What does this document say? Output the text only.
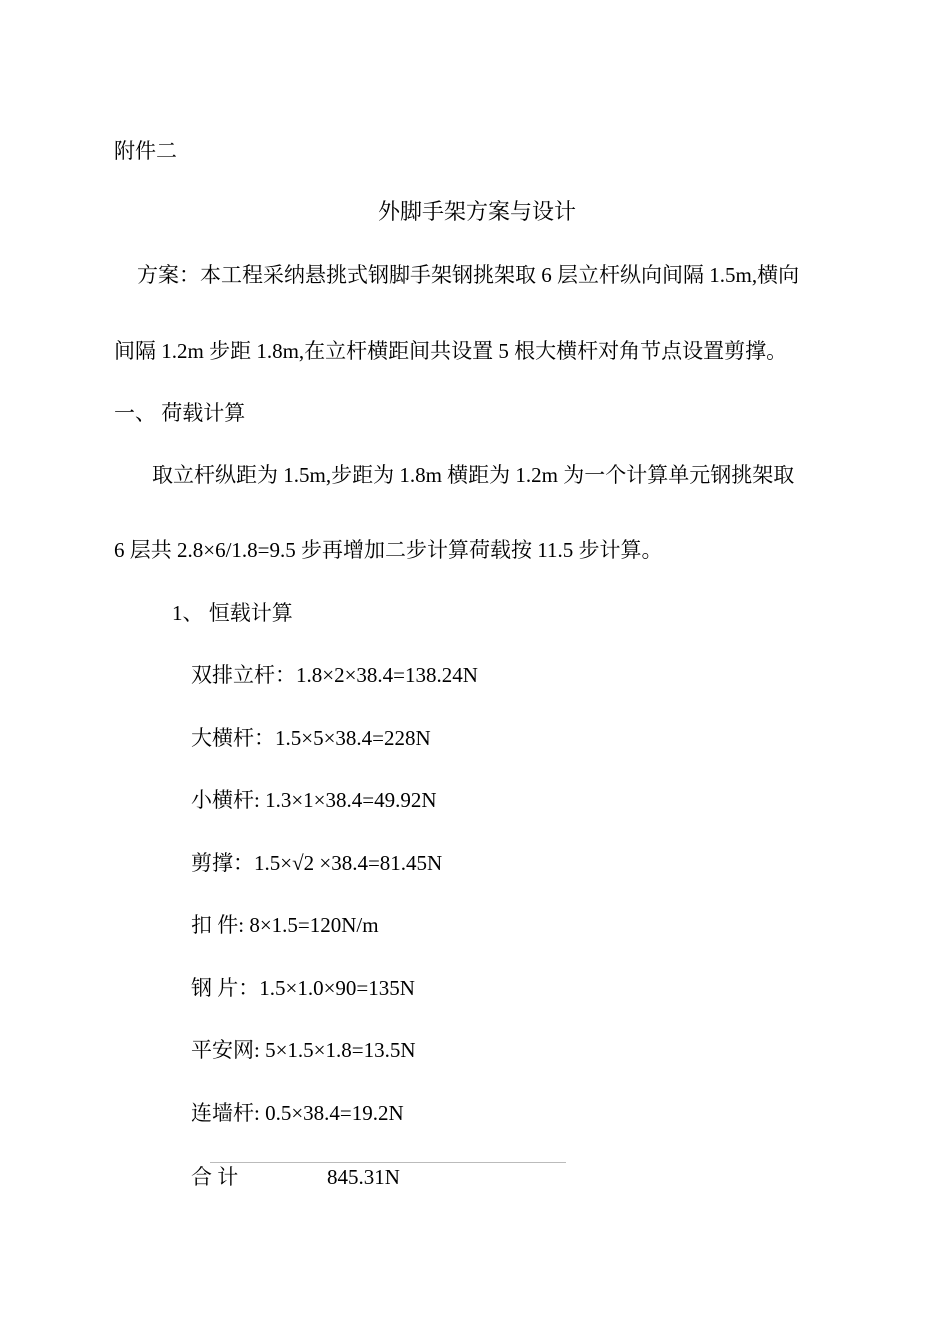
附件二
外脚手架方案与设计
方案：本工程采纳悬挑式钢脚手架钢挑架取 6 层立杆纵向间隔 1.5m,横向
间隔 1.2m 步距 1.8m,在立杆横距间共设置 5 根大横杆对角节点设置剪撑。
一、 荷载计算
取立杆纵距为 1.5m,步距为 1.8m 横距为 1.2m 为一个计算单元钢挑架取
6 层共 2.8×6/1.8=9.5 步再增加二步计算荷载按 11.5 步计算。
1、 恒载计算
双排立杆：1.8×2×38.4=138.24N
大横杆：1.5×5×38.4=228N
小横杆: 1.3×1×38.4=49.92N
剪撑：1.5×√2 ×38.4=81.45N
扣 件: 8×1.5=120N/m
钢 片：1.5×1.0×90=135N
平安网: 5×1.5×1.8=13.5N
连墙杆: 0.5×38.4=19.2N
合 计	845.31N
